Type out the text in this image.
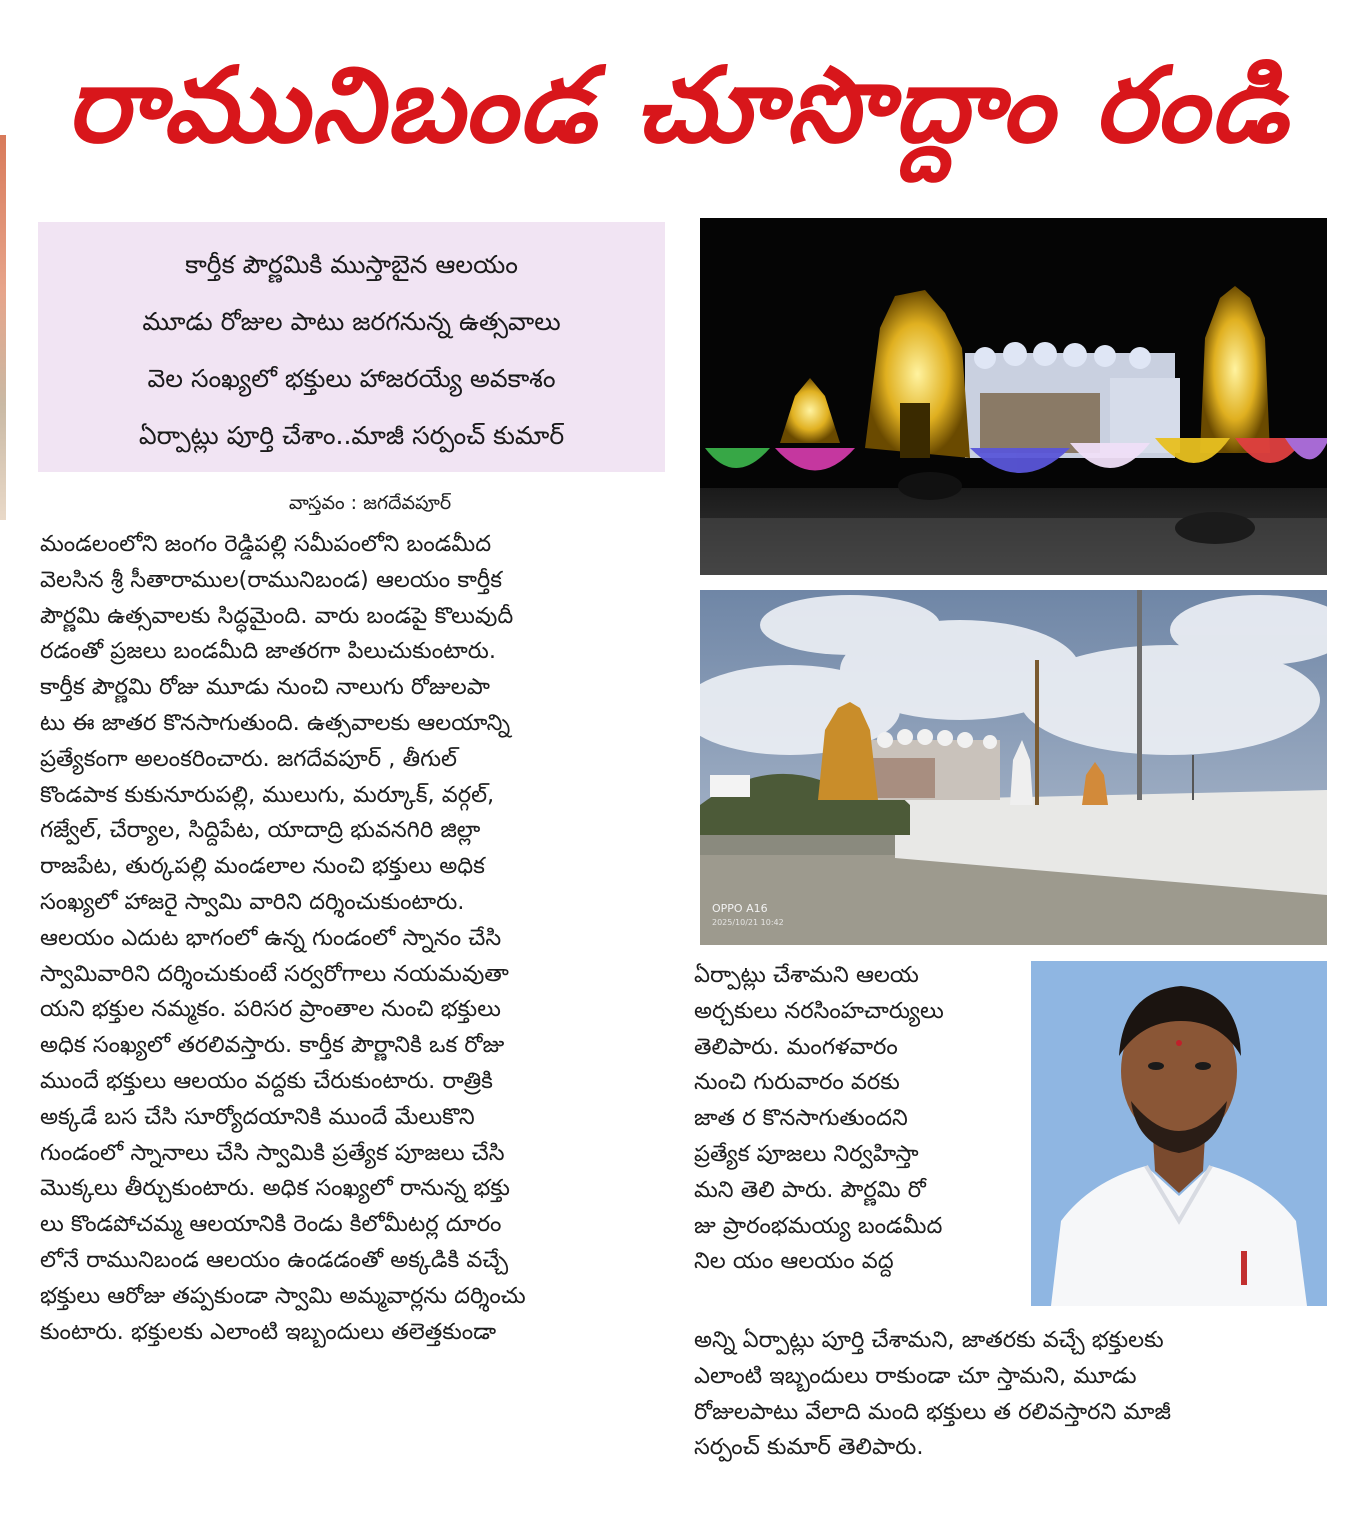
రామునిబండ చూసొద్దాం రండి
కార్తీక పౌర్ణమికి ముస్తాబైన ఆలయం
మూడు రోజుల పాటు జరగనున్న ఉత్సవాలు
వెల సంఖ్యలో భక్తులు హాజరయ్యే అవకాశం
ఏర్పాట్లు పూర్తి చేశాం..మాజీ సర్పంచ్ కుమార్
వాస్తవం : జగదేవపూర్
మండలంలోని జంగం రెడ్డిపల్లి సమీపంలోని బండమీద
వెలసిన శ్రీ సీతారాముల(రామునిబండ) ఆలయం కార్తీక
పౌర్ణమి ఉత్సవాలకు సిద్ధమైంది. వారు బండపై కొలువుదీ
రడంతో ప్రజలు బండమీది జాతరగా పిలుచుకుంటారు.
కార్తీక పౌర్ణమి రోజు మూడు నుంచి నాలుగు రోజులపా
టు ఈ జాతర కొనసాగుతుంది. ఉత్సవాలకు ఆలయాన్ని
ప్రత్యేకంగా అలంకరించారు. జగదేవపూర్ , తీగుల్
కొండపాక కుకునూరుపల్లి, ములుగు, మర్కూక్, వర్గల్,
గజ్వేల్, చేర్యాల, సిద్దిపేట, యాదాద్రి భువనగిరి జిల్లా
రాజపేట, తుర్కపల్లి మండలాల నుంచి భక్తులు అధిక
సంఖ్యలో హాజరై స్వామి వారిని దర్శించుకుంటారు.
ఆలయం ఎదుట భాగంలో ఉన్న గుండంలో స్నానం చేసి
స్వామివారిని దర్శించుకుంటే సర్వరోగాలు నయమవుతా
యని భక్తుల నమ్మకం. పరిసర ప్రాంతాల నుంచి భక్తులు
అధిక సంఖ్యలో తరలివస్తారు. కార్తీక పౌర్ణానికి ఒక రోజు
ముందే భక్తులు ఆలయం వద్దకు చేరుకుంటారు. రాత్రికి
అక్కడే బస చేసి సూర్యోదయానికి ముందే మేలుకొని
గుండంలో స్నానాలు చేసి స్వామికి ప్రత్యేక పూజలు చేసి
మొక్కలు తీర్చుకుంటారు. అధిక సంఖ్యలో రానున్న భక్తు
లు కొండపోచమ్మ ఆలయానికి రెండు కిలోమీటర్ల దూరం
లోనే రామునిబండ ఆలయం ఉండడంతో అక్కడికి వచ్చే
భక్తులు ఆరోజు తప్పకుండా స్వామి అమ్మవార్లను దర్శించు
కుంటారు. భక్తులకు ఎలాంటి ఇబ్బందులు తలెత్తకుండా
OPPO A16
2025/10/21 10:42
ఏర్పాట్లు చేశామని ఆలయ
అర్చకులు నరసింహచార్యులు
తెలిపారు. మంగళవారం
నుంచి గురువారం వరకు
జాత ర కొనసాగుతుందని
ప్రత్యేక పూజలు నిర్వహిస్తా
మని తెలి పారు. పౌర్ణమి రో
జు ప్రారంభమయ్య బండమీద
నిల యం ఆలయం వద్ద
అన్ని ఏర్పాట్లు పూర్తి చేశామని, జాతరకు వచ్చే భక్తులకు
ఎలాంటి ఇబ్బందులు రాకుండా చూ స్తామని, మూడు
రోజులపాటు వేలాది మంది భక్తులు త రలివస్తారని మాజీ
సర్పంచ్ కుమార్ తెలిపారు.
